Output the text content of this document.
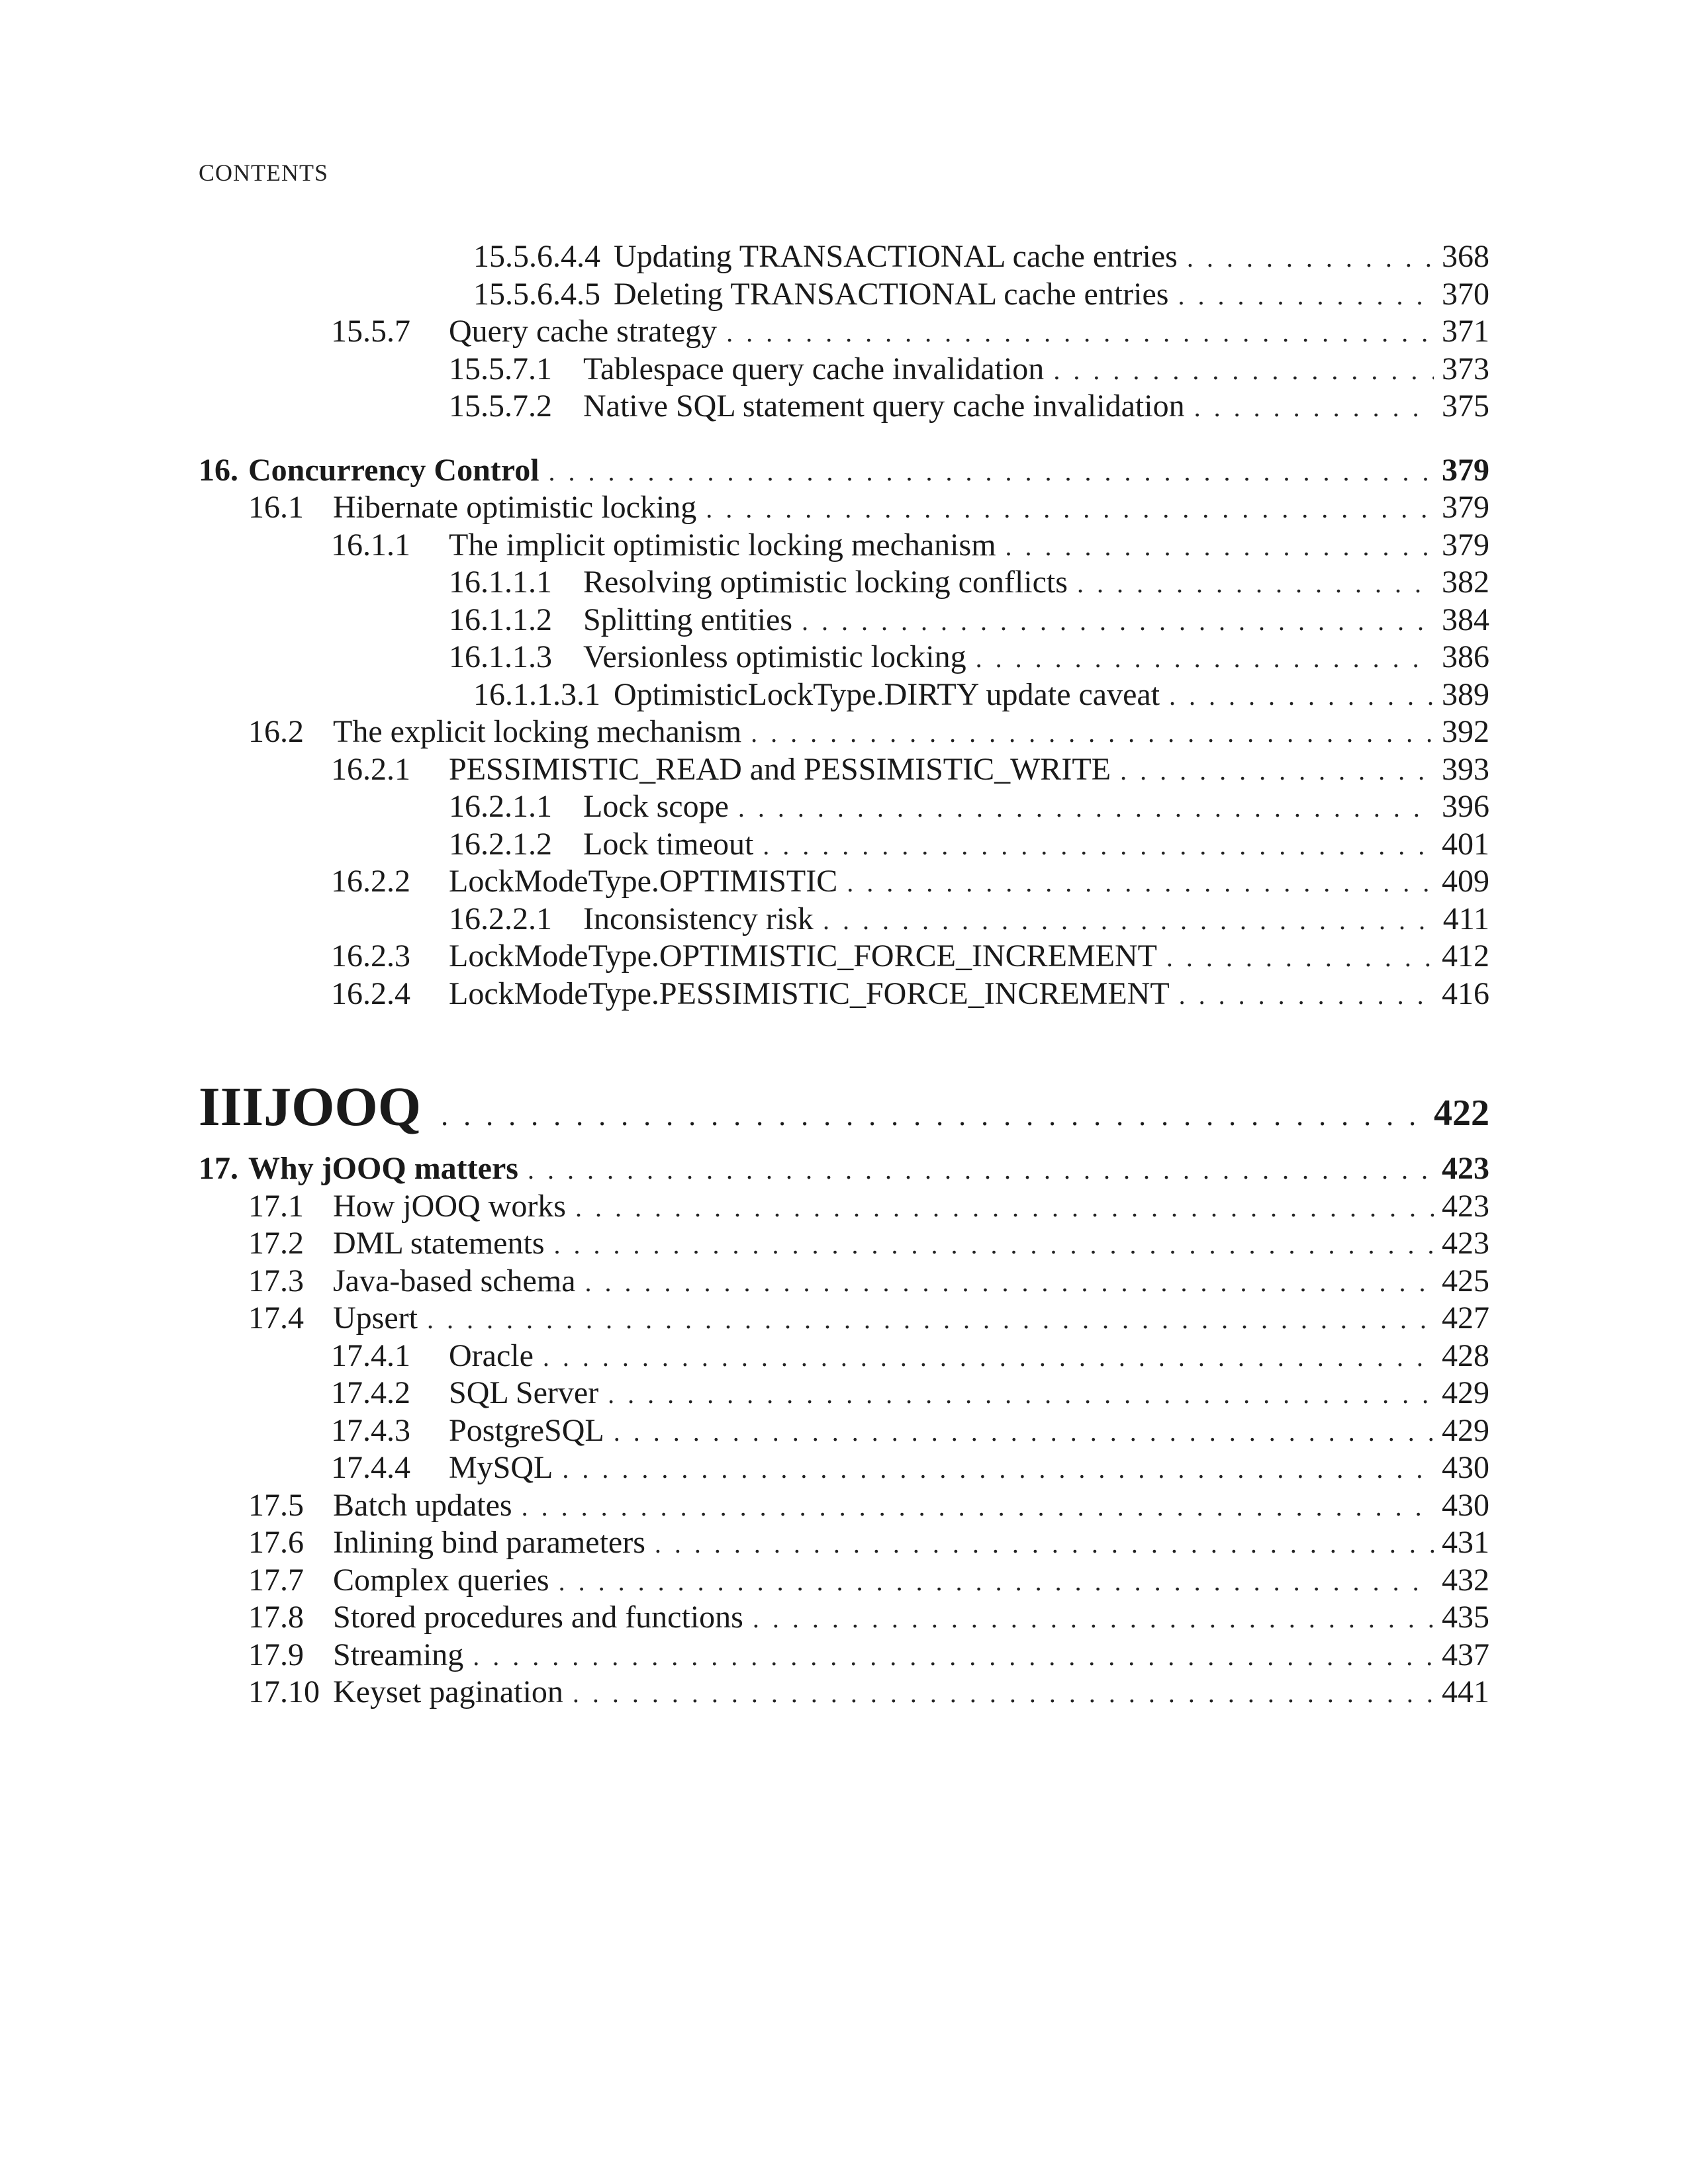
CONTENTS
15.5.6.4.4 Updating TRANSACTIONAL cache entries . . .	368
15.5.6.4.5 Deleting TRANSACTIONAL cache entries . . .	370
15.5.7	Query cache strategy . . .	371
15.5.7.1 Tablespace query cache invalidation . . .	373
15.5.7.2 Native SQL statement query cache invalidation . . .	375
16. Concurrency Control . . .	379
16.1 Hibernate optimistic locking . . .	379
16.1.1	The implicit optimistic locking mechanism . . .	379
16.1.1.1 Resolving optimistic locking conflicts . . .	382
16.1.1.2 Splitting entities . . .	384
16.1.1.3 Versionless optimistic locking . . .	386
16.1.1.3.1 OptimisticLockType.DIRTY update caveat . . .	389
16.2 The explicit locking mechanism . . .	392
16.2.1	PESSIMISTIC_READ and PESSIMISTIC_WRITE . . .	393
16.2.1.1 Lock scope . . .	396
16.2.1.2 Lock timeout . . .	401
16.2.2	LockModeType.OPTIMISTIC . . .	409
16.2.2.1 Inconsistency risk . . .	411
16.2.3	LockModeType.OPTIMISTIC_FORCE_INCREMENT . . .	412
16.2.4	LockModeType.PESSIMISTIC_FORCE_INCREMENT . . .	416
III JOOQ . . .	422
17. Why jOOQ matters . . .	423
17.1 How jOOQ works . . .	423
17.2 DML statements . . .	423
17.3 Java-based schema . . .	425
17.4 Upsert . . .	427
17.4.1	Oracle . . .	428
17.4.2	SQL Server . . .	429
17.4.3	PostgreSQL . . .	429
17.4.4	MySQL . . .	430
17.5 Batch updates . . .	430
17.6 Inlining bind parameters . . .	431
17.7 Complex queries . . .	432
17.8 Stored procedures and functions . . .	435
17.9 Streaming . . .	437
17.10 Keyset pagination . . .	441
